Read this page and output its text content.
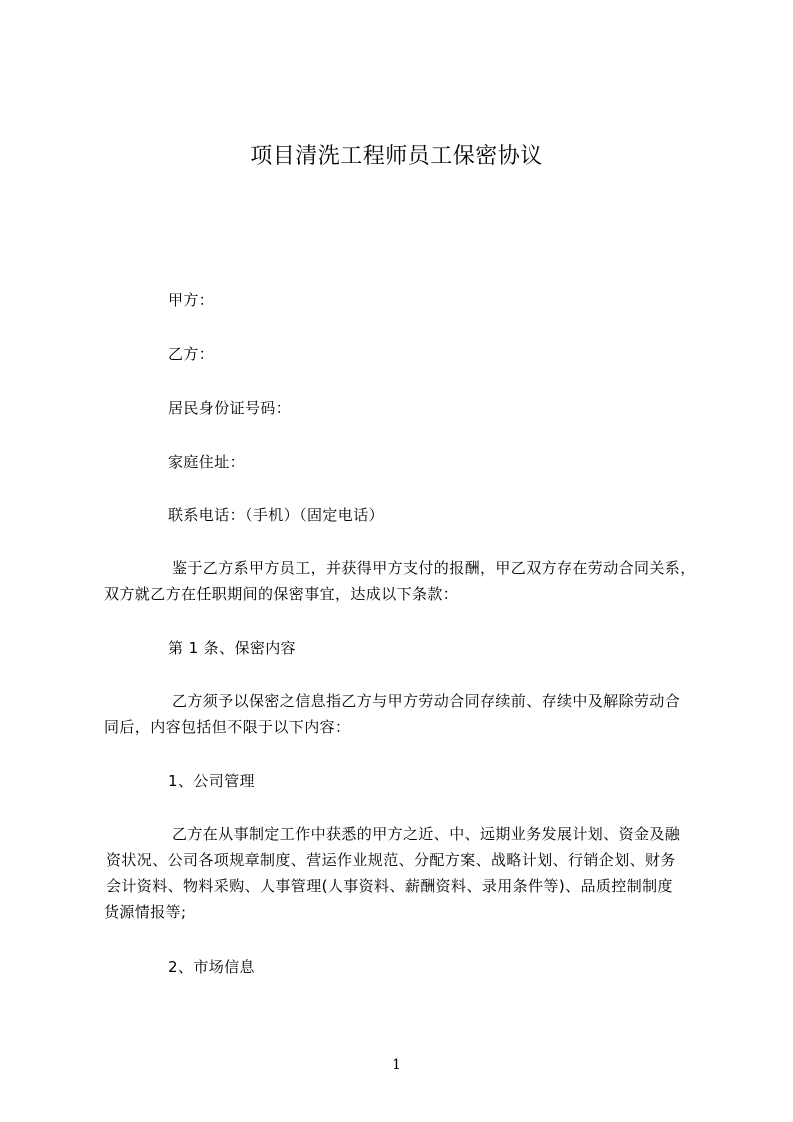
项目清洗工程师员工保密协议
甲方：
乙方：
居民身份证号码：
家庭住址：
联系电话：（手机）（固定电话）
鉴于乙方系甲方员工，并获得甲方支付的报酬，甲乙双方存在劳动合同关系，
双方就乙方在任职期间的保密事宜，达成以下条款：
第 1 条、保密内容
乙方须予以保密之信息指乙方与甲方劳动合同存续前、存续中及解除劳动合
同后，内容包括但不限于以下内容：
1、公司管理
乙方在从事制定工作中获悉的甲方之近、中、远期业务发展计划、资金及融
资状况、公司各项规章制度、营运作业规范、分配方案、战略计划、行销企划、财务
会计资料、物料采购、人事管理(人事资料、薪酬资料、录用条件等)、品质控制制度
货源情报等;
2、市场信息
1
